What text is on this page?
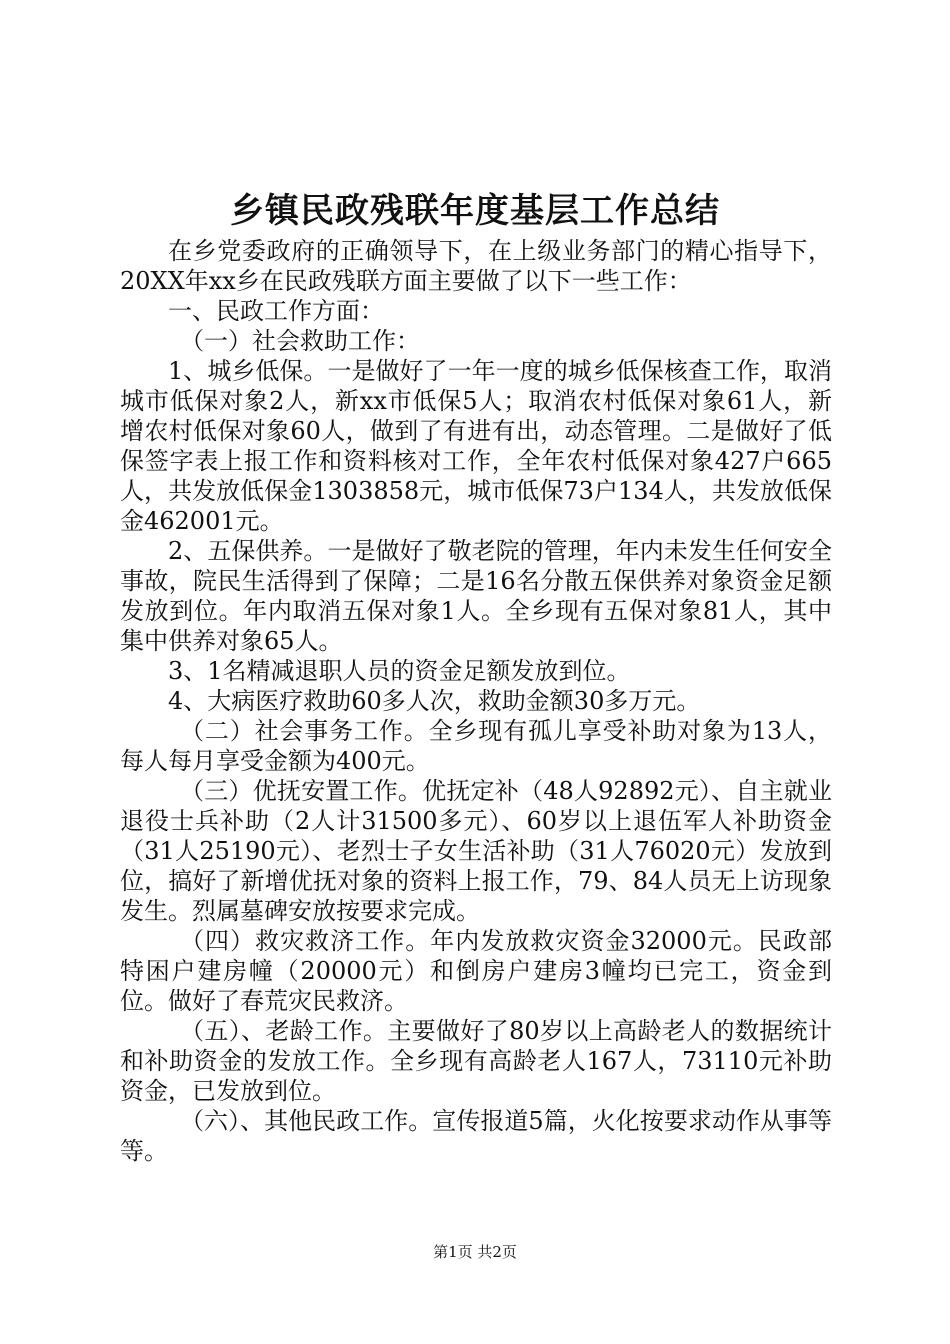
乡镇民政残联年度基层工作总结

在乡党委政府的正确领导下，在上级业务部门的精心指导下，20XX年xx乡在民政残联方面主要做了以下一些工作：

一、民政工作方面：

（一）社会救助工作：

1、城乡低保。一是做好了一年一度的城乡低保核查工作，取消城市低保对象2人，新xx市低保5人；取消农村低保对象61人，新增农村低保对象60人，做到了有进有出，动态管理。二是做好了低保签字表上报工作和资料核对工作，全年农村低保对象427户665人，共发放低保金1303858元，城市低保73户134人，共发放低保金462001元。

2、五保供养。一是做好了敬老院的管理，年内未发生任何安全事故，院民生活得到了保障；二是16名分散五保供养对象资金足额发放到位。年内取消五保对象1人。全乡现有五保对象81人，其中集中供养对象65人。

3、1名精减退职人员的资金足额发放到位。

4、大病医疗救助60多人次，救助金额30多万元。

（二）社会事务工作。全乡现有孤儿享受补助对象为13人，每人每月享受金额为400元。

（三）优抚安置工作。优抚定补（48人92892元）、自主就业退役士兵补助（2人计31500多元）、60岁以上退伍军人补助资金（31人25190元）、老烈士子女生活补助（31人76020元）发放到位，搞好了新增优抚对象的资料上报工作，79、84人员无上访现象发生。烈属墓碑安放按要求完成。

（四）救灾救济工作。年内发放救灾资金32000元。民政部特困户建房幢（20000元）和倒房户建房3幢均已完工，资金到位。做好了春荒灾民救济。

（五）、老龄工作。主要做好了80岁以上高龄老人的数据统计和补助资金的发放工作。全乡现有高龄老人167人，73110元补助资金，已发放到位。

（六）、其他民政工作。宣传报道5篇，火化按要求动作从事等等。

第1页 共2页
